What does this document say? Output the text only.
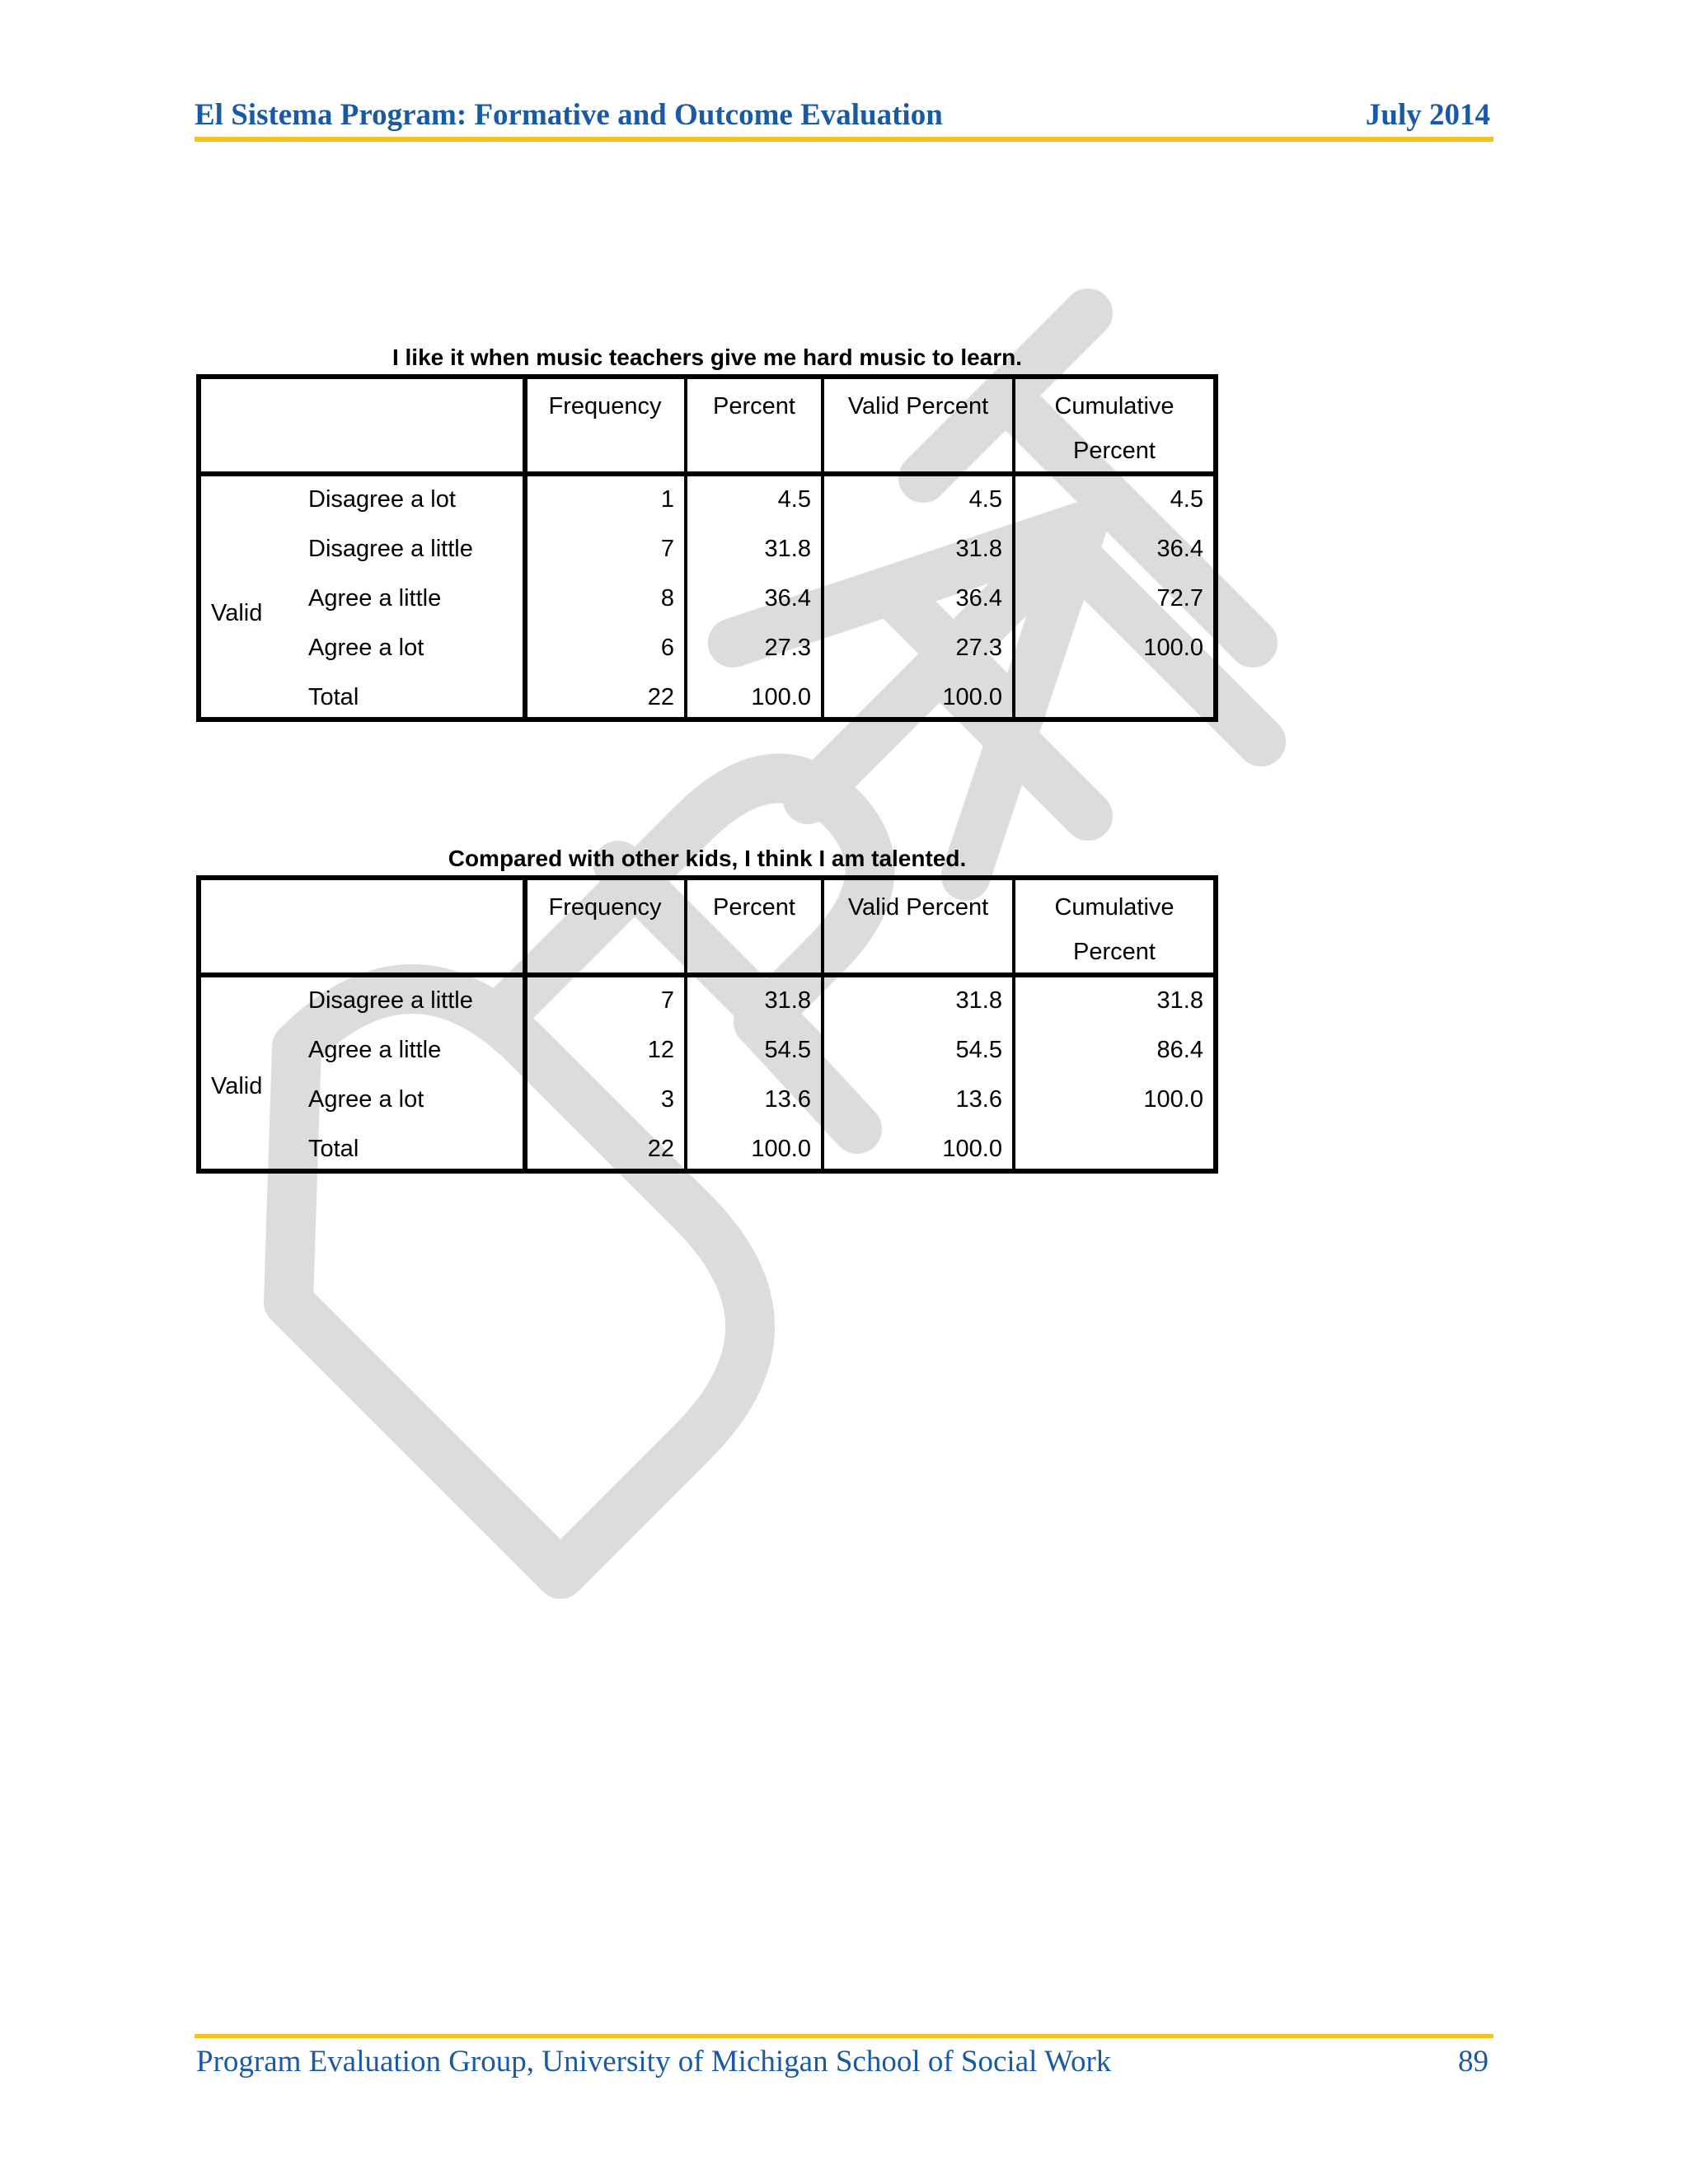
El Sistema Program: Formative and Outcome Evaluation	July 2014
I like it when music teachers give me hard music to learn.
Frequency	Percent	Valid Percent	Cumulative Percent
Valid
Disagree a lot	1	4.5	4.5	4.5
Disagree a little	7	31.8	31.8	36.4
Agree a little	8	36.4	36.4	72.7
Agree a lot	6	27.3	27.3	100.0
Total	22	100.0	100.0
Compared with other kids, I think I am talented.
Frequency	Percent	Valid Percent	Cumulative Percent
Valid
Disagree a little	7	31.8	31.8	31.8
Agree a little	12	54.5	54.5	86.4
Agree a lot	3	13.6	13.6	100.0
Total	22	100.0	100.0
Program Evaluation Group, University of Michigan School of Social Work	89
